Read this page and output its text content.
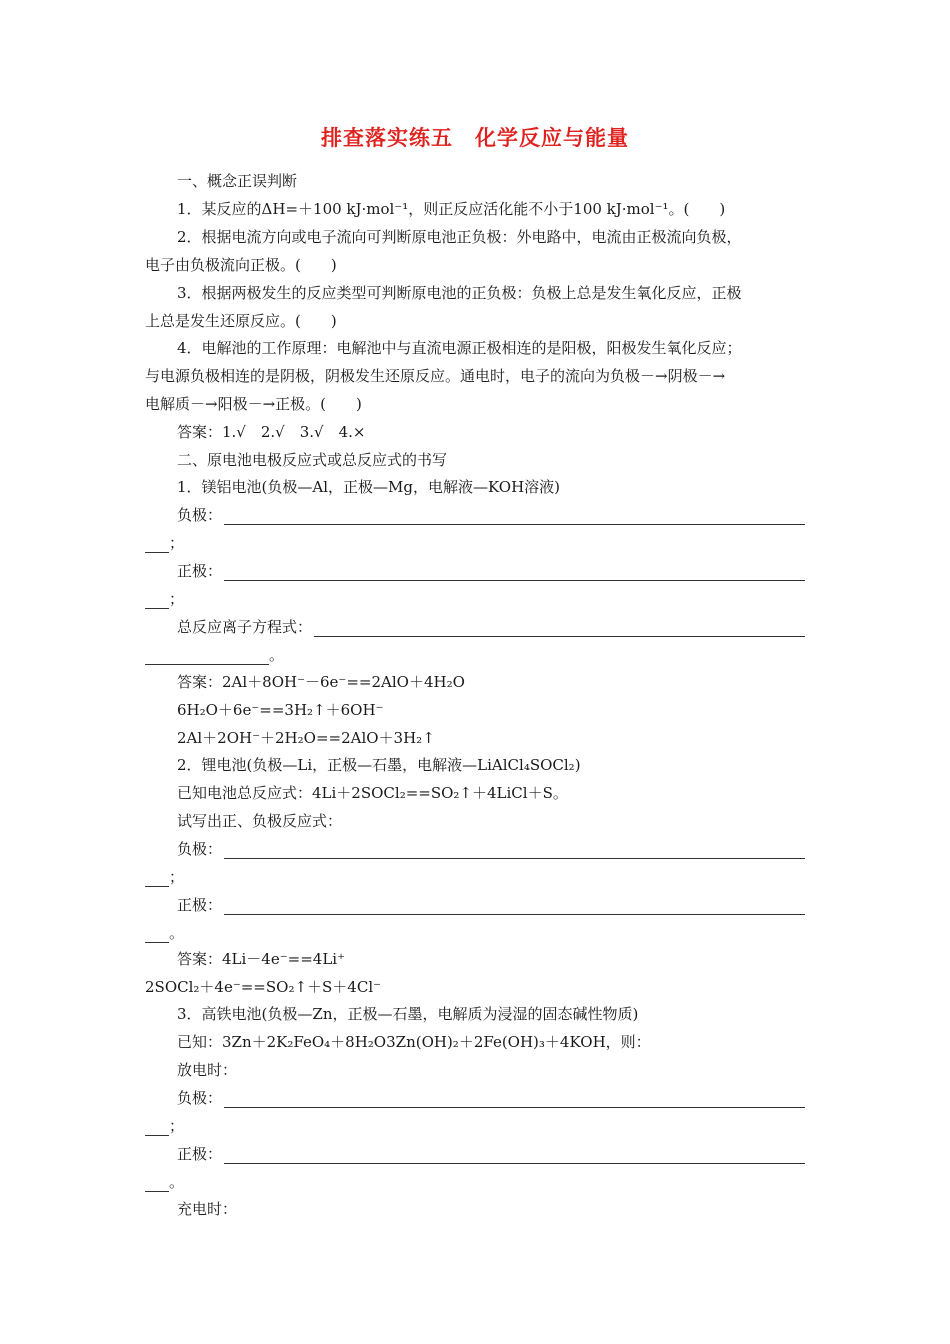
排查落实练五　化学反应与能量
一、概念正误判断
1．某反应的ΔH=＋100 kJ·mol⁻¹，则正反应活化能不小于100 kJ·mol⁻¹。(　　)
2．根据电流方向或电子流向可判断原电池正负极：外电路中，电流由正极流向负极，
电子由负极流向正极。(　　)
3．根据两极发生的反应类型可判断原电池的正负极：负极上总是发生氧化反应，正极
上总是发生还原反应。(　　)
4．电解池的工作原理：电解池中与直流电源正极相连的是阳极，阳极发生氧化反应；
与电源负极相连的是阴极，阴极发生还原反应。通电时，电子的流向为负极－→阴极－→
电解质－→阳极－→正极。(　　)
答案：1.√　2.√　3.√　4.×
二、原电池电极反应式或总反应式的书写
1．镁铝电池(负极—Al，正极—Mg，电解液—KOH溶液)
负极：
；
正极：
；
总反应离子方程式：
。
答案：2Al＋8OH⁻－6e⁻==2AlO＋4H₂O
6H₂O＋6e⁻==3H₂↑＋6OH⁻
2Al＋2OH⁻＋2H₂O==2AlO＋3H₂↑
2．锂电池(负极—Li，正极—石墨，电解液—LiAlCl₄SOCl₂)
已知电池总反应式：4Li＋2SOCl₂==SO₂↑＋4LiCl＋S。
试写出正、负极反应式：
负极：
；
正极：
。
答案：4Li－4e⁻==4Li⁺
2SOCl₂＋4e⁻==SO₂↑＋S＋4Cl⁻
3．高铁电池(负极—Zn，正极—石墨，电解质为浸湿的固态碱性物质)
已知：3Zn＋2K₂FeO₄＋8H₂O3Zn(OH)₂＋2Fe(OH)₃＋4KOH，则：
放电时：
负极：
；
正极：
。
充电时：
